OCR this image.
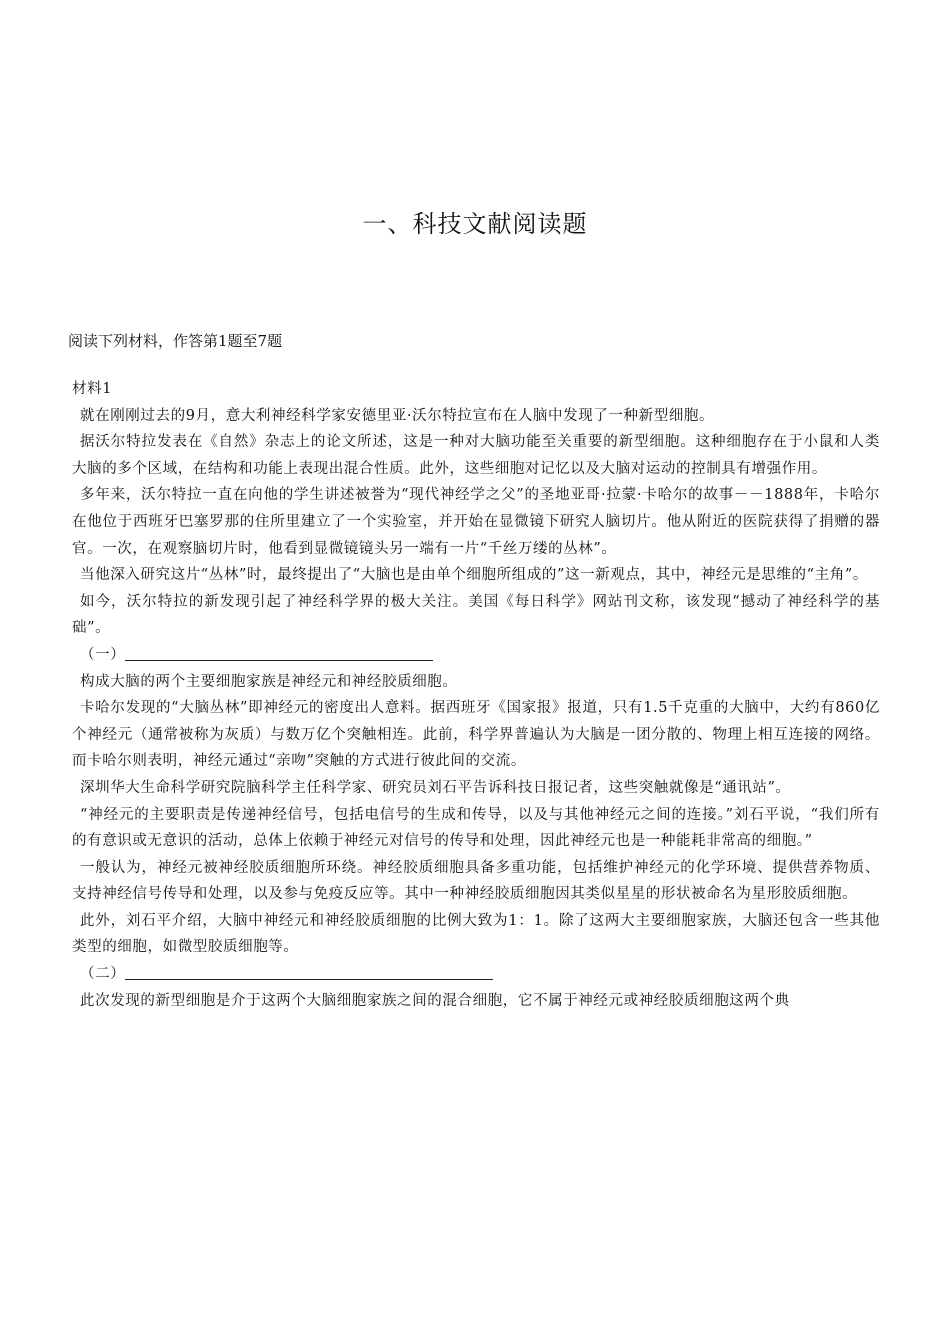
一、科技文献阅读题
阅读下列材料，作答第1题至7题

材料1

就在刚刚过去的9月，意大利神经科学家安德里亚·沃尔特拉宣布在人脑中发现了一种新型细胞。

据沃尔特拉发表在《自然》杂志上的论文所述，这是一种对大脑功能至关重要的新型细胞。这种细胞存在于小鼠和人类大脑的多个区域，在结构和功能上表现出混合性质。此外，这些细胞对记忆以及大脑对运动的控制具有增强作用。

多年来，沃尔特拉一直在向他的学生讲述被誉为“现代神经学之父”的圣地亚哥·拉蒙·卡哈尔的故事－－1888年，卡哈尔在他位于西班牙巴塞罗那的住所里建立了一个实验室，并开始在显微镜下研究人脑切片。他从附近的医院获得了捐赠的器官。一次，在观察脑切片时，他看到显微镜镜头另一端有一片“千丝万缕的丛林”。

当他深入研究这片“丛林”时，最终提出了“大脑也是由单个细胞所组成的”这一新观点，其中，神经元是思维的“主角”。

如今，沃尔特拉的新发现引起了神经科学界的极大关注。美国《每日科学》网站刊文称，该发现“撼动了神经科学的基础”。

（一）

构成大脑的两个主要细胞家族是神经元和神经胶质细胞。

卡哈尔发现的“大脑丛林”即神经元的密度出人意料。据西班牙《国家报》报道，只有1.5千克重的大脑中，大约有860亿个神经元（通常被称为灰质）与数万亿个突触相连。此前，科学界普遍认为大脑是一团分散的、物理上相互连接的网络。而卡哈尔则表明，神经元通过“亲吻”突触的方式进行彼此间的交流。

深圳华大生命科学研究院脑科学主任科学家、研究员刘石平告诉科技日报记者，这些突触就像是“通讯站”。

“神经元的主要职责是传递神经信号，包括电信号的生成和传导，以及与其他神经元之间的连接。”刘石平说，“我们所有的有意识或无意识的活动，总体上依赖于神经元对信号的传导和处理，因此神经元也是一种能耗非常高的细胞。”

一般认为，神经元被神经胶质细胞所环绕。神经胶质细胞具备多重功能，包括维护神经元的化学环境、提供营养物质、支持神经信号传导和处理，以及参与免疫反应等。其中一种神经胶质细胞因其类似星星的形状被命名为星形胶质细胞。

此外，刘石平介绍，大脑中神经元和神经胶质细胞的比例大致为1：1。除了这两大主要细胞家族，大脑还包含一些其他类型的细胞，如微型胶质细胞等。

（二）

此次发现的新型细胞是介于这两个大脑细胞家族之间的混合细胞，它不属于神经元或神经胶质细胞这两个典
